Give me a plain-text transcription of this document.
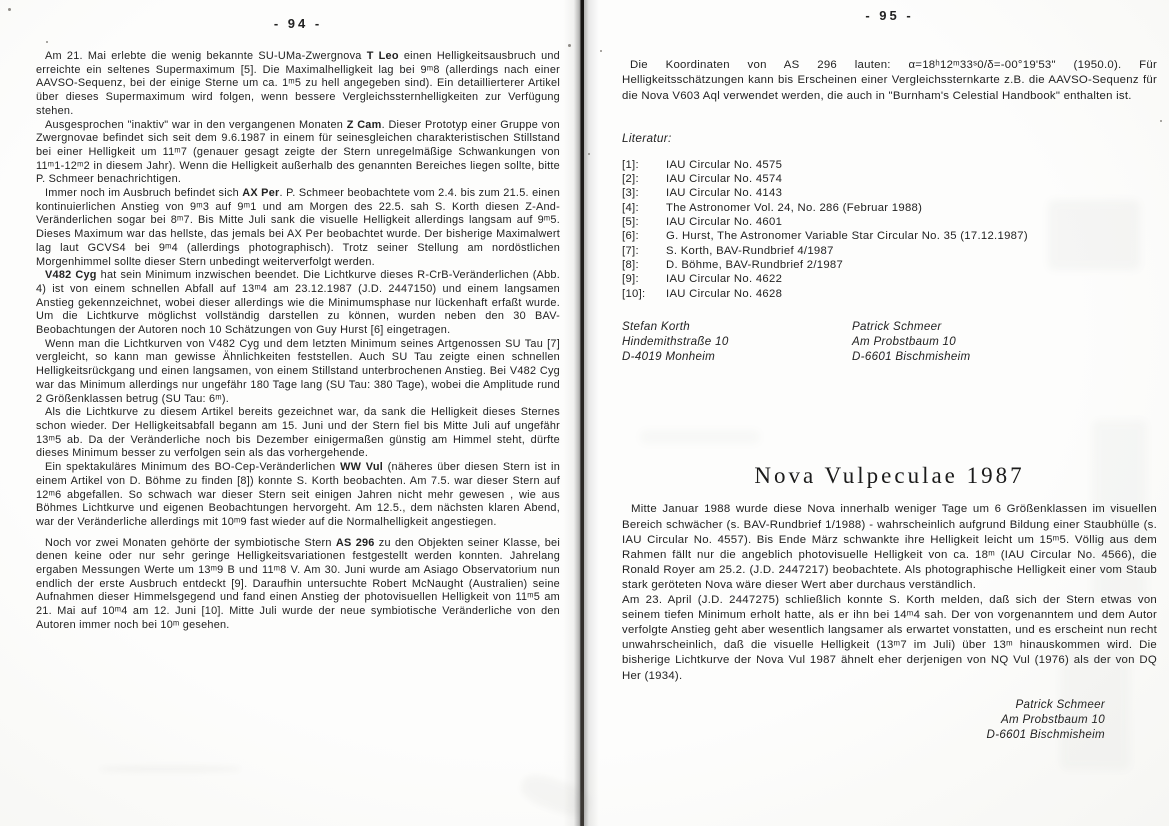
- 94 -

Am 21. Mai erlebte die wenig bekannte SU-UMa-Zwergnova T Leo einen Helligkeitsausbruch und erreichte ein seltenes Supermaximum [5]. Die Maximalhelligkeit lag bei 9ᵐ8 (allerdings nach einer AAVSO-Sequenz, bei der einige Sterne um ca. 1ᵐ5 zu hell angegeben sind). Ein detaillierterer Artikel über dieses Supermaximum wird folgen, wenn bessere Vergleichssternhelligkeiten zur Verfügung stehen.

Ausgesprochen "inaktiv" war in den vergangenen Monaten Z Cam. Dieser Prototyp einer Gruppe von Zwergnovae befindet sich seit dem 9.6.1987 in einem für seinesgleichen charakteristischen Stillstand bei einer Helligkeit um 11ᵐ7 (genauer gesagt zeigte der Stern unregelmäßige Schwankungen von 11ᵐ1-12ᵐ2 in diesem Jahr). Wenn die Helligkeit außerhalb des genannten Bereiches liegen sollte, bitte P. Schmeer benachrichtigen.

Immer noch im Ausbruch befindet sich AX Per. P. Schmeer beobachtete vom 2.4. bis zum 21.5. einen kontinuierlichen Anstieg von 9ᵐ3 auf 9ᵐ1 und am Morgen des 22.5. sah S. Korth diesen Z-And-Veränderlichen sogar bei 8ᵐ7. Bis Mitte Juli sank die visuelle Helligkeit allerdings langsam auf 9ᵐ5. Dieses Maximum war das hellste, das jemals bei AX Per beobachtet wurde. Der bisherige Maximalwert lag laut GCVS4 bei 9ᵐ4 (allerdings photographisch). Trotz seiner Stellung am nordöstlichen Morgenhimmel sollte dieser Stern unbedingt weiterverfolgt werden.

V482 Cyg hat sein Minimum inzwischen beendet. Die Lichtkurve dieses R-CrB-Veränderlichen (Abb. 4) ist von einem schnellen Abfall auf 13ᵐ4 am 23.12.1987 (J.D. 2447150) und einem langsamen Anstieg gekennzeichnet, wobei dieser allerdings wie die Minimumsphase nur lückenhaft erfaßt wurde. Um die Lichtkurve möglichst vollständig darstellen zu können, wurden neben den 30 BAV-Beobachtungen der Autoren noch 10 Schätzungen von Guy Hurst [6] eingetragen.

Wenn man die Lichtkurven von V482 Cyg und dem letzten Minimum seines Artgenossen SU Tau [7] vergleicht, so kann man gewisse Ähnlichkeiten feststellen. Auch SU Tau zeigte einen schnellen Helligkeitsrückgang und einen langsamen, von einem Stillstand unterbrochenen Anstieg. Bei V482 Cyg war das Minimum allerdings nur ungefähr 180 Tage lang (SU Tau: 380 Tage), wobei die Amplitude rund 2 Größenklassen betrug (SU Tau: 6ᵐ).

Als die Lichtkurve zu diesem Artikel bereits gezeichnet war, da sank die Helligkeit dieses Sternes schon wieder. Der Helligkeitsabfall begann am 15. Juni und der Stern fiel bis Mitte Juli auf ungefähr 13ᵐ5 ab. Da der Veränderliche noch bis Dezember einigermaßen günstig am Himmel steht, dürfte dieses Minimum besser zu verfolgen sein als das vorhergehende.

Ein spektakuläres Minimum des BO-Cep-Veränderlichen WW Vul (näheres über diesen Stern ist in einem Artikel von D. Böhme zu finden [8]) konnte S. Korth beobachten. Am 7.5. war dieser Stern auf 12ᵐ6 abgefallen. So schwach war dieser Stern seit einigen Jahren nicht mehr gewesen , wie aus Böhmes Lichtkurve und eigenen Beobachtungen hervorgeht. Am 12.5., dem nächsten klaren Abend, war der Veränderliche allerdings mit 10ᵐ9 fast wieder auf die Normalhelligkeit angestiegen.

Noch vor zwei Monaten gehörte der symbiotische Stern AS 296 zu den Objekten seiner Klasse, bei denen keine oder nur sehr geringe Helligkeitsvariationen festgestellt werden konnten. Jahrelang ergaben Messungen Werte um 13ᵐ9 B und 11ᵐ8 V. Am 30. Juni wurde am Asiago Observatorium nun endlich der erste Ausbruch entdeckt [9]. Daraufhin untersuchte Robert McNaught (Australien) seine Aufnahmen dieser Himmelsgegend und fand einen Anstieg der photovisuellen Helligkeit von 11ᵐ5 am 21. Mai auf 10ᵐ4 am 12. Juni [10]. Mitte Juli wurde der neue symbiotische Veränderliche von den Autoren immer noch bei 10ᵐ gesehen.

- 95 -

Die Koordinaten von AS 296 lauten: α=18ʰ12ᵐ33ˢ0/δ=-00°19'53" (1950.0). Für Helligkeitsschätzungen kann bis Erscheinen einer Vergleichssternkarte z.B. die AAVSO-Sequenz für die Nova V603 Aql verwendet werden, die auch in "Burnham's Celestial Handbook" enthalten ist.

Literatur:
[1]:	IAU Circular No. 4575
[2]:	IAU Circular No. 4574
[3]:	IAU Circular No. 4143
[4]:	The Astronomer Vol. 24, No. 286 (Februar 1988)
[5]:	IAU Circular No. 4601
[6]:	G. Hurst, The Astronomer Variable Star Circular No. 35 (17.12.1987)
[7]:	S. Korth, BAV-Rundbrief 4/1987
[8]:	D. Böhme, BAV-Rundbrief 2/1987
[9]:	IAU Circular No. 4622
[10]:	IAU Circular No. 4628
Stefan Korth
Hindemithstraße 10
D-4019 Monheim
Patrick Schmeer
Am Probstbaum 10
D-6601 Bischmisheim
Nova Vulpeculae 1987

Mitte Januar 1988 wurde diese Nova innerhalb weniger Tage um 6 Größenklassen im visuellen Bereich schwächer (s. BAV-Rundbrief 1/1988) - wahrscheinlich aufgrund Bildung einer Staubhülle (s. IAU Circular No. 4557). Bis Ende März schwankte ihre Helligkeit leicht um 15ᵐ5. Völlig aus dem Rahmen fällt nur die angeblich photovisuelle Helligkeit von ca. 18ᵐ (IAU Circular No. 4566), die Ronald Royer am 25.2. (J.D. 2447217) beobachtete. Als photographische Helligkeit einer vom Staub stark geröteten Nova wäre dieser Wert aber durchaus verständlich.

Am 23. April (J.D. 2447275) schließlich konnte S. Korth melden, daß sich der Stern etwas von seinem tiefen Minimum erholt hatte, als er ihn bei 14ᵐ4 sah. Der von vorgenanntem und dem Autor verfolgte Anstieg geht aber wesentlich langsamer als erwartet vonstatten, und es erscheint nun recht unwahrscheinlich, daß die visuelle Helligkeit (13ᵐ7 im Juli) über 13ᵐ hinauskommen wird. Die bisherige Lichtkurve der Nova Vul 1987 ähnelt eher derjenigen von NQ Vul (1976) als der von DQ Her (1934).

Patrick Schmeer
Am Probstbaum 10
D-6601 Bischmisheim
